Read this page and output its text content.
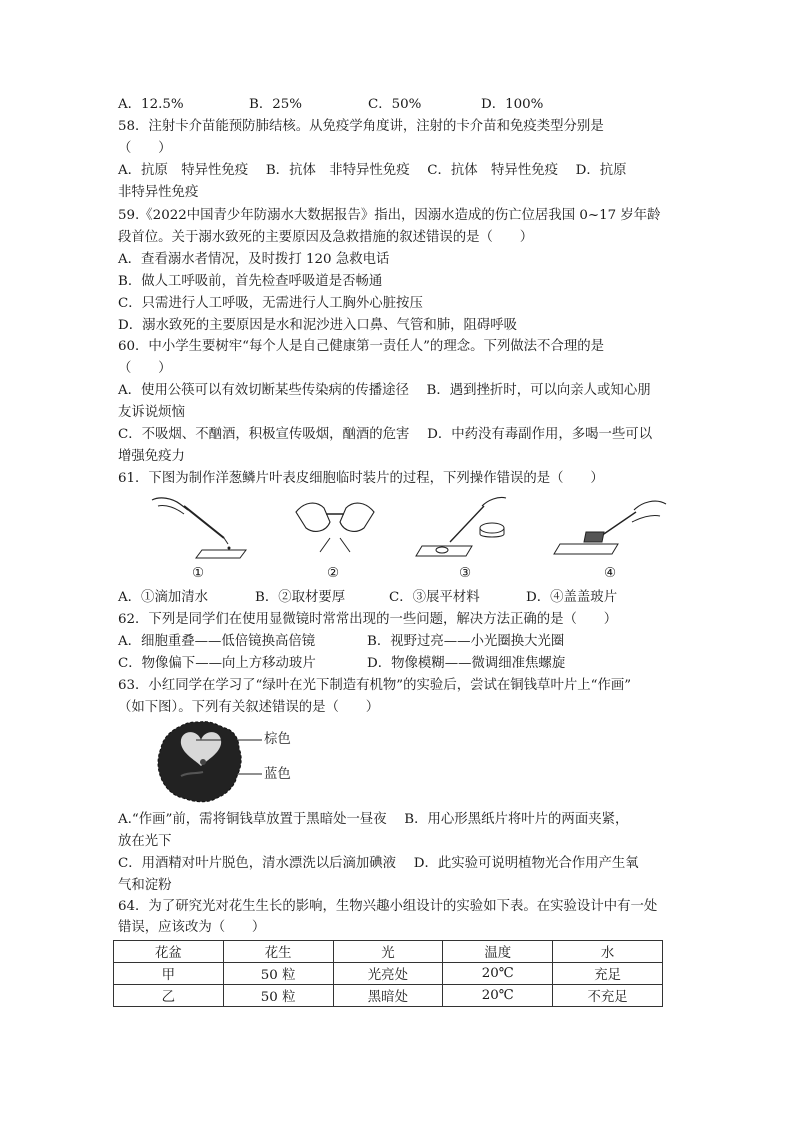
A．12.5%	B．25%	C．50%	D．100%
58．注射卡介苗能预防肺结核。从免疫学角度讲，注射的卡介苗和免疫类型分别是
（　　）
A．抗原　特异性免疫　 B．抗体　非特异性免疫　 C．抗体　特异性免疫　 D．抗原
非特异性免疫
59.《2022中国青少年防溺水大数据报告》指出，因溺水造成的伤亡位居我国 0~17 岁年龄
段首位。关于溺水致死的主要原因及急救措施的叙述错误的是（　　）
A．查看溺水者情况，及时拨打 120 急救电话
B．做人工呼吸前，首先检查呼吸道是否畅通
C．只需进行人工呼吸，无需进行人工胸外心脏按压
D．溺水致死的主要原因是水和泥沙进入口鼻、气管和肺，阻碍呼吸
60．中小学生要树牢“每个人是自己健康第一责任人”的理念。下列做法不合理的是
（　　）
A．使用公筷可以有效切断某些传染病的传播途径　 B．遇到挫折时，可以向亲人或知心朋
友诉说烦恼
C．不吸烟、不酗酒，积极宣传吸烟，酗酒的危害　 D．中药没有毒副作用，多喝一些可以
增强免疫力
61．下图为制作洋葱鳞片叶表皮细胞临时装片的过程，下列操作错误的是（　　）
①	②	③	④
A．①滴加清水	B．②取材要厚	C．③展平材料	D．④盖盖玻片
62．下列是同学们在使用显微镜时常常出现的一些问题，解决方法正确的是（　　）
A．细胞重叠——低倍镜换高倍镜	B．视野过亮——小光圈换大光圈
C．物像偏下——向上方移动玻片	D．物像模糊——微调细准焦螺旋
63．小红同学在学习了“绿叶在光下制造有机物”的实验后，尝试在铜钱草叶片上“作画”
（如下图）。下列有关叙述错误的是（　　）
棕色
蓝色
A.“作画”前，需将铜钱草放置于黑暗处一昼夜　 B．用心形黑纸片将叶片的两面夹紧，
放在光下
C．用酒精对叶片脱色，清水漂洗以后滴加碘液　 D．此实验可说明植物光合作用产生氧
气和淀粉
64．为了研究光对花生生长的影响，生物兴趣小组设计的实验如下表。在实验设计中有一处
错误，应该改为（　　）
花盆	花生	光	温度	水
甲	50 粒	光亮处	20℃	充足
乙	50 粒	黑暗处	20℃	不充足
